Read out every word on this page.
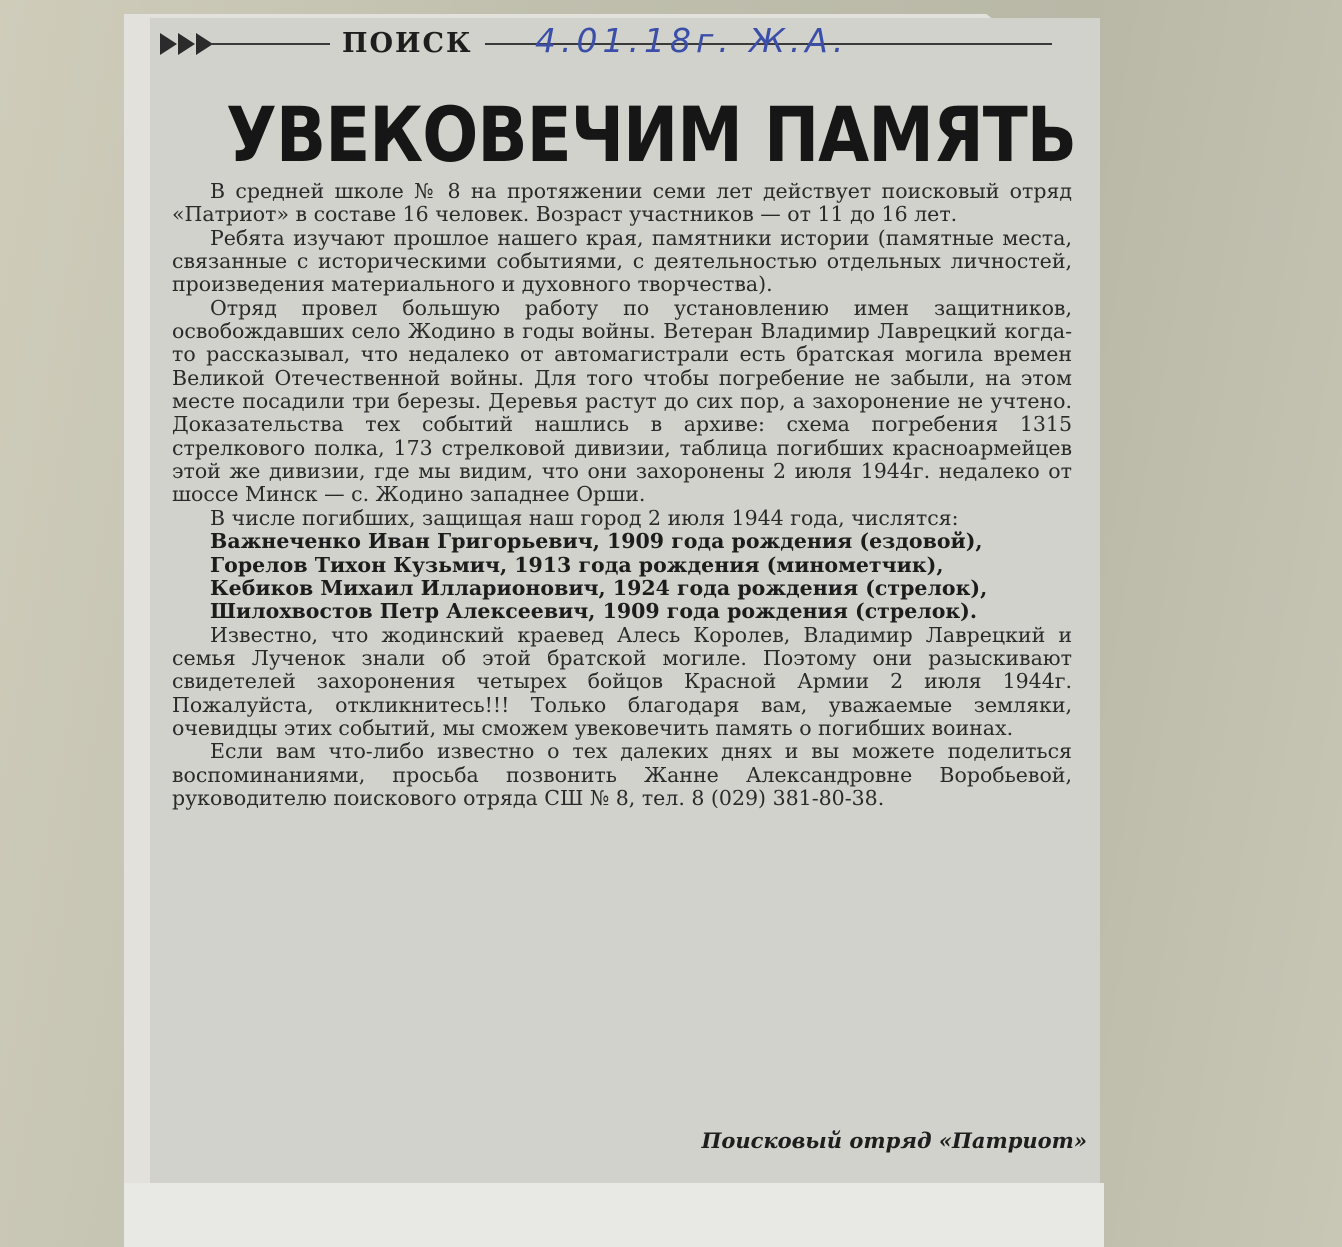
ПОИСК	4.01.18г. Ж.А.
УВЕКОВЕЧИМ ПАМЯТЬ

В средней школе № 8 на протяжении семи лет действует поисковый отряд «Патриот» в составе 16 человек. Возраст участников — от 11 до 16 лет.

Ребята изучают прошлое нашего края, памятники истории (памятные места, связанные с историческими событиями, с деятельностью отдельных личностей, произведения материального и духовного творчества).

Отряд провел большую работу по установлению имен защитников, освобождавших село Жодино в годы войны. Ветеран Владимир Лаврецкий когда-то рассказывал, что недалеко от автомагистрали есть братская могила времен Великой Отечественной войны. Для того чтобы погребение не забыли, на этом месте посадили три березы. Деревья растут до сих пор, а захоронение не учтено. Доказательства тех событий нашлись в архиве: схема погребения 1315 стрелкового полка, 173 стрелковой дивизии, таблица погибших красноармейцев этой же дивизии, где мы видим, что они захоронены 2 июля 1944г. недалеко от шоссе Минск — с. Жодино западнее Орши.

В числе погибших, защищая наш город 2 июля 1944 года, числятся:

Важнеченко Иван Григорьевич, 1909 года рождения (ездовой),

Горелов Тихон Кузьмич, 1913 года рождения (минометчик),

Кебиков Михаил Илларионович, 1924 года рождения (стрелок),

Шилохвостов Петр Алексеевич, 1909 года рождения (стрелок).

Известно, что жодинский краевед Алесь Королев, Владимир Лаврецкий и семья Лученок знали об этой братской могиле. Поэтому они разыскивают свидетелей захоронения четырех бойцов Красной Армии 2 июля 1944г. Пожалуйста, откликнитесь!!! Только благодаря вам, уважаемые земляки, очевидцы этих событий, мы сможем увековечить память о погибших воинах.

Если вам что-либо известно о тех далеких днях и вы можете поделиться воспоминаниями, просьба позвонить Жанне Александровне Воробьевой, руководителю поискового отряда СШ № 8, тел. 8 (029) 381-80-38.

Поисковый отряд «Патриот»
